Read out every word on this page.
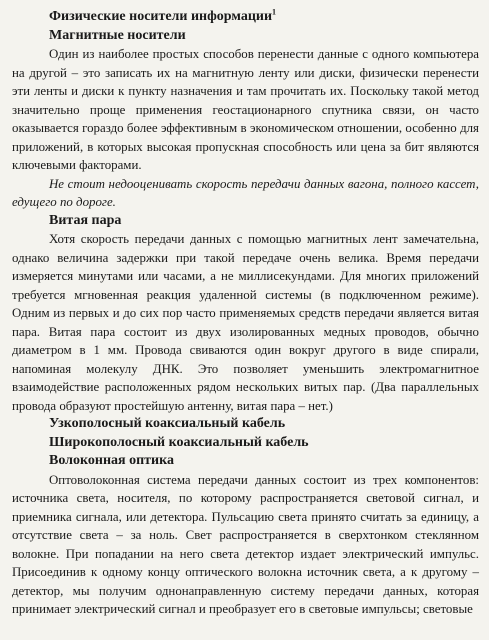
Физические носители информации$^1$
Магнитные носители

Один из наиболее простых способов перенести данные с одного компьютера на другой – это записать их на магнитную ленту или диски, физически перенести эти ленты и диски к пункту назначения и там прочитать их. Поскольку такой метод значительно проще применения геостационарного спутника связи, он часто оказывается гораздо более эффективным в экономическом отношении, особенно для приложений, в которых высокая пропускная способность или цена за бит являются ключевыми факторами.

Не стоит недооценивать скорость передачи данных вагона, полного кассет, едущего по дороге.

Витая пара

Хотя скорость передачи данных с помощью магнитных лент замечательна, однако величина задержки при такой передаче очень велика. Время передачи измеряется минутами или часами, а не миллисекундами. Для многих приложений требуется мгновенная реакция удаленной системы (в подключенном режиме). Одним из первых и до сих пор часто применяемых средств передачи является витая пара. Витая пара состоит из двух изолированных медных проводов, обычно диаметром в 1 мм. Провода свиваются один вокруг другого в виде спирали, напоминая молекулу ДНК. Это позволяет уменьшить электромагнитное взаимодействие расположенных рядом нескольких витых пар. (Два параллельных провода образуют простейшую антенну, витая пара – нет.)

Узкополосный коаксиальный кабель
Широкополосный коаксиальный кабель
Волоконная оптика

Оптоволоконная система передачи данных состоит из трех компонентов: источника света, носителя, по которому распространяется световой сигнал, и приемника сигнала, или детектора. Пульсацию света принято считать за единицу, а отсутствие света – за ноль. Свет распространяется в сверхтонком стеклянном волокне. При попадании на него света детектор издает электрический импульс. Присоединив к одному концу оптического волокна источник света, а к другому – детектор, мы получим однонаправленную систему передачи данных, которая принимает электрический сигнал и преобразует его в световые импульсы; световые
